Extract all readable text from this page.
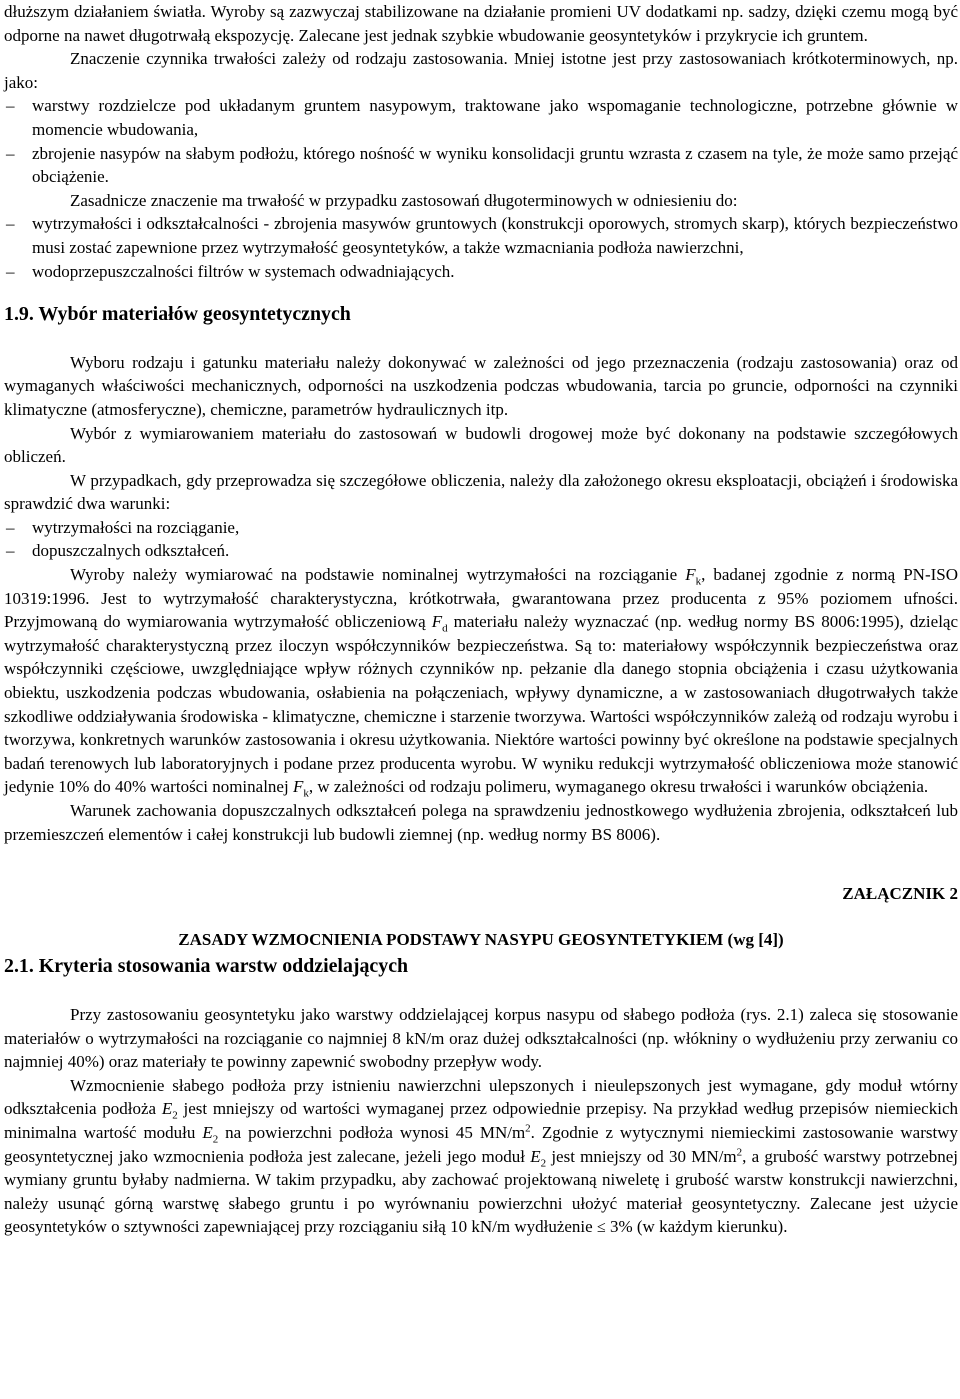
dłuższym działaniem światła. Wyroby są zazwyczaj stabilizowane na działanie promieni UV dodatkami np. sadzy, dzięki czemu mogą być odporne na nawet długotrwałą ekspozycję. Zalecane jest jednak szybkie wbudowanie geosyntetyków i przykrycie ich gruntem.

Znaczenie czynnika trwałości zależy od rodzaju zastosowania. Mniej istotne jest przy zastosowaniach krótkoterminowych, np. jako:

– warstwy rozdzielcze pod układanym gruntem nasypowym, traktowane jako wspomaganie technologiczne, potrzebne głównie w momencie wbudowania,
– zbrojenie nasypów na słabym podłożu, którego nośność w wyniku konsolidacji gruntu wzrasta z czasem na tyle, że może samo przejąć obciążenie.

Zasadnicze znaczenie ma trwałość w przypadku zastosowań długoterminowych w odniesieniu do:

– wytrzymałości i odkształcalności - zbrojenia masywów gruntowych (konstrukcji oporowych, stromych skarp), których bezpieczeństwo musi zostać zapewnione przez wytrzymałość geosyntetyków, a także wzmacniania podłoża nawierzchni,
– wodoprzepuszczalności filtrów w systemach odwadniających.
1.9. Wybór materiałów geosyntetycznych

Wyboru rodzaju i gatunku materiału należy dokonywać w zależności od jego przeznaczenia (rodzaju zastosowania) oraz od wymaganych właściwości mechanicznych, odporności na uszkodzenia podczas wbudowania, tarcia po gruncie, odporności na czynniki klimatyczne (atmosferyczne), chemiczne, parametrów hydraulicznych itp.

Wybór z wymiarowaniem materiału do zastosowań w budowli drogowej może być dokonany na podstawie szczegółowych obliczeń.

W przypadkach, gdy przeprowadza się szczegółowe obliczenia, należy dla założonego okresu eksploatacji, obciążeń i środowiska sprawdzić dwa warunki:

– wytrzymałości na rozciąganie,
– dopuszczalnych odkształceń.

Wyroby należy wymiarować na podstawie nominalnej wytrzymałości na rozciąganie $F_k$, badanej zgodnie z normą PN-ISO 10319:1996. Jest to wytrzymałość charakterystyczna, krótkotrwała, gwarantowana przez producenta z 95% poziomem ufności. Przyjmowaną do wymiarowania wytrzymałość obliczeniową $F_d$ materiału należy wyznaczać (np. według normy BS 8006:1995), dzieląc wytrzymałość charakterystyczną przez iloczyn współczynników bezpieczeństwa. Są to: materiałowy współczynnik bezpieczeństwa oraz współczynniki częściowe, uwzględniające wpływ różnych czynników np. pełzanie dla danego stopnia obciążenia i czasu użytkowania obiektu, uszkodzenia podczas wbudowania, osłabienia na połączeniach, wpływy dynamiczne, a w zastosowaniach długotrwałych także szkodliwe oddziaływania środowiska - klimatyczne, chemiczne i starzenie tworzywa. Wartości współczynników zależą od rodzaju wyrobu i tworzywa, konkretnych warunków zastosowania i okresu użytkowania. Niektóre wartości powinny być określone na podstawie specjalnych badań terenowych lub laboratoryjnych i podane przez producenta wyrobu. W wyniku redukcji wytrzymałość obliczeniowa może stanowić jedynie 10% do 40% wartości nominalnej $F_k$, w zależności od rodzaju polimeru, wymaganego okresu trwałości i warunków obciążenia.

Warunek zachowania dopuszczalnych odkształceń polega na sprawdzeniu jednostkowego wydłużenia zbrojenia, odkształceń lub przemieszczeń elementów i całej konstrukcji lub budowli ziemnej (np. według normy BS 8006).

ZAŁĄCZNIK 2
ZASADY WZMOCNIENIA PODSTAWY NASYPU GEOSYNTETYKIEM (wg [4])
2.1. Kryteria stosowania warstw oddzielających

Przy zastosowaniu geosyntetyku jako warstwy oddzielającej korpus nasypu od słabego podłoża (rys. 2.1) zaleca się stosowanie materiałów o wytrzymałości na rozciąganie co najmniej 8 kN/m oraz dużej odkształcalności (np. włókniny o wydłużeniu przy zerwaniu co najmniej 40%) oraz materiały te powinny zapewnić swobodny przepływ wody.

Wzmocnienie słabego podłoża przy istnieniu nawierzchni ulepszonych i nieulepszonych jest wymagane, gdy moduł wtórny odkształcenia podłoża $E_2$ jest mniejszy od wartości wymaganej przez odpowiednie przepisy. Na przykład według przepisów niemieckich minimalna wartość modułu $E_2$ na powierzchni podłoża wynosi 45 $MN/m^2$. Zgodnie z wytycznymi niemieckimi zastosowanie warstwy geosyntetycznej jako wzmocnienia podłoża jest zalecane, jeżeli jego moduł $E_2$ jest mniejszy od 30 $MN/m^2$, a grubość warstwy potrzebnej wymiany gruntu byłaby nadmierna. W takim przypadku, aby zachować projektowaną niweletę i grubość warstw konstrukcji nawierzchni, należy usunąć górną warstwę słabego gruntu i po wyrównaniu powierzchni ułożyć materiał geosyntetyczny. Zalecane jest użycie geosyntetyków o sztywności zapewniającej przy rozciąganiu siłą 10 kN/m wydłużenie ≤ 3% (w każdym kierunku).
